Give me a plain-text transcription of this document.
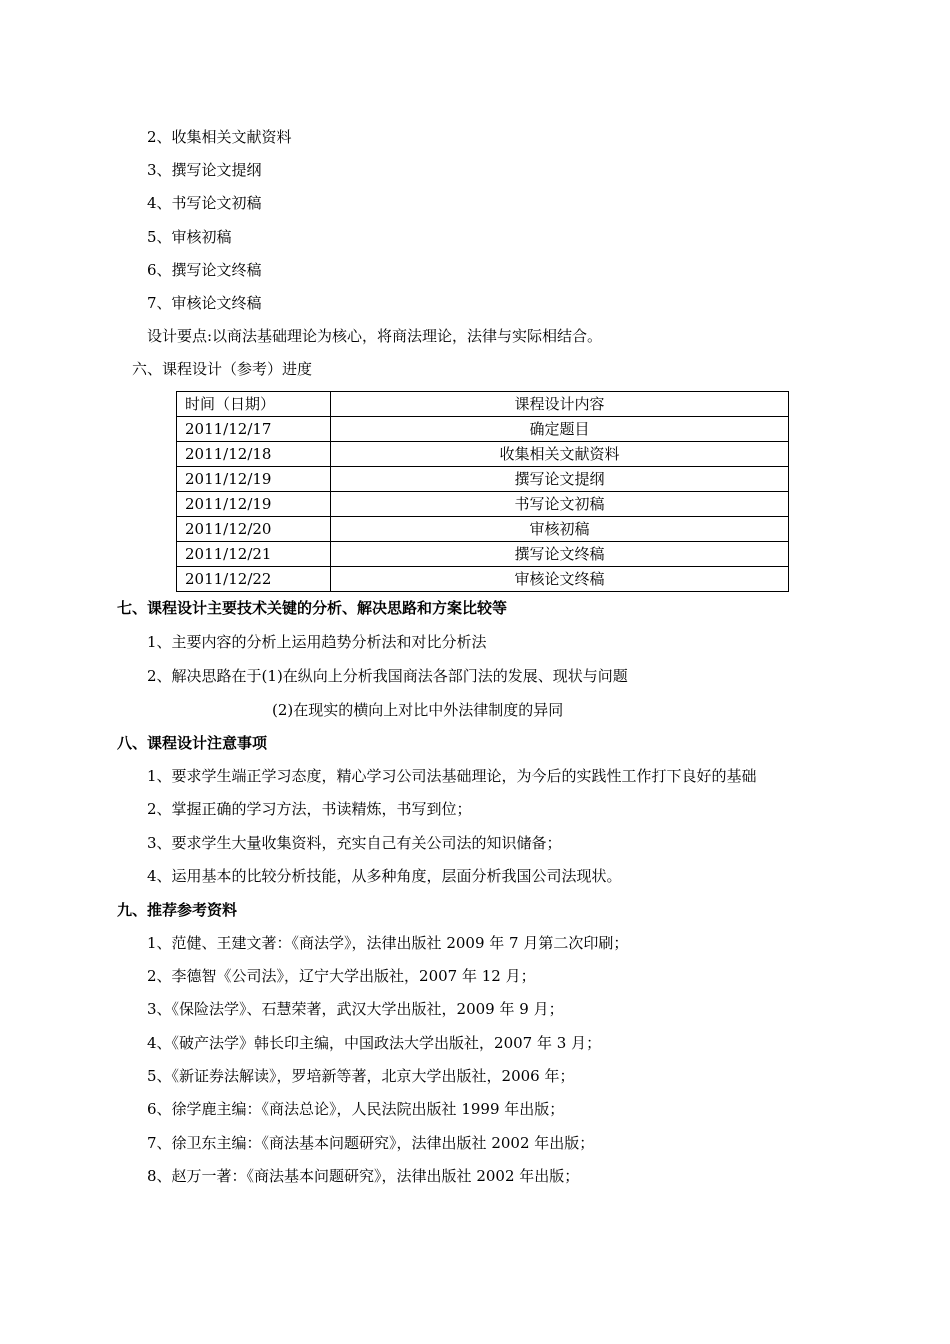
2、收集相关文献资料
3、撰写论文提纲
4、书写论文初稿
5、审核初稿
6、撰写论文终稿
7、审核论文终稿
设计要点:以商法基础理论为核心，将商法理论，法律与实际相结合。
六、课程设计（参考）进度
时间（日期）	课程设计内容
2011/12/17	确定题目
2011/12/18	收集相关文献资料
2011/12/19	撰写论文提纲
2011/12/19	书写论文初稿
2011/12/20	审核初稿
2011/12/21	撰写论文终稿
2011/12/22	审核论文终稿
七、课程设计主要技术关键的分析、解决思路和方案比较等
1、主要内容的分析上运用趋势分析法和对比分析法
2、解决思路在于(1)在纵向上分析我国商法各部门法的发展、现状与问题
(2)在现实的横向上对比中外法律制度的异同
八、课程设计注意事项
1、要求学生端正学习态度，精心学习公司法基础理论，为今后的实践性工作打下良好的基础
2、掌握正确的学习方法，书读精炼，书写到位；
3、要求学生大量收集资料，充实自己有关公司法的知识储备；
4、运用基本的比较分析技能，从多种角度，层面分析我国公司法现状。
九、推荐参考资料
1、范健、王建文著：《商法学》，法律出版社 2009 年 7 月第二次印刷；
2、李德智《公司法》，辽宁大学出版社，2007 年 12 月；
3、《保险法学》、石慧荣著，武汉大学出版社，2009 年 9 月；
4、《破产法学》韩长印主编，中国政法大学出版社，2007 年 3 月；
5、《新证券法解读》，罗培新等著，北京大学出版社，2006 年；
6、徐学鹿主编：《商法总论》，人民法院出版社 1999 年出版；
7、徐卫东主编：《商法基本问题研究》，法律出版社 2002 年出版；
8、赵万一著：《商法基本问题研究》，法律出版社 2002 年出版；
